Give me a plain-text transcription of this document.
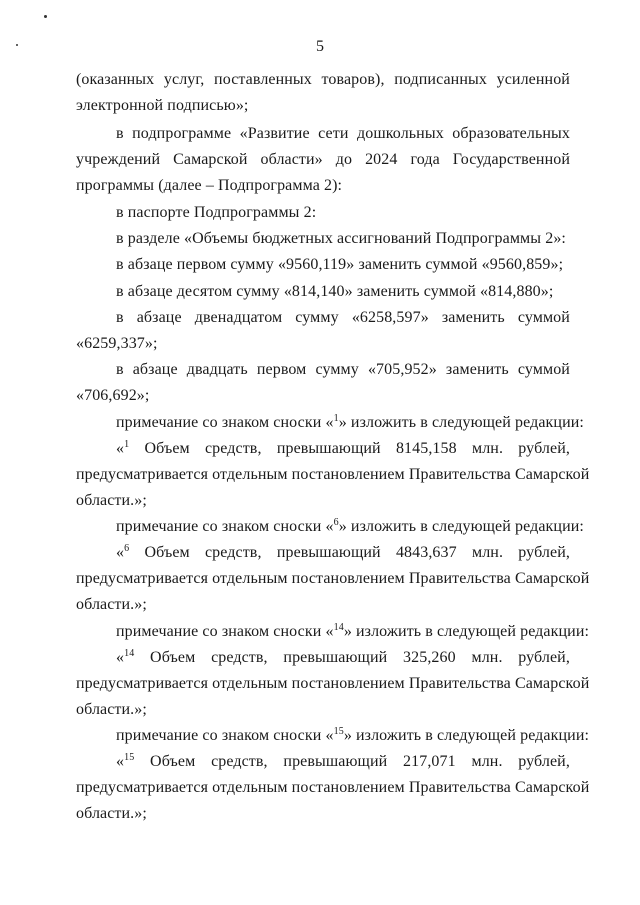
5
(оказанных услуг, поставленных товаров), подписанных усиленной
электронной подписью»;
в подпрограмме «Развитие сети дошкольных образовательных
учреждений Самарской области» до 2024 года Государственной
программы (далее – Подпрограмма 2):
в паспорте Подпрограммы 2:
в разделе «Объемы бюджетных ассигнований Подпрограммы 2»:
в абзаце первом сумму «9560,119» заменить суммой «9560,859»;
в абзаце десятом сумму «814,140» заменить суммой «814,880»;
в абзаце двенадцатом сумму «6258,597» заменить суммой
«6259,337»;
в абзаце двадцать первом сумму «705,952» заменить суммой
«706,692»;
примечание со знаком сноски «$^1$» изложить в следующей редакции:
«$^1$ Объем средств, превышающий 8145,158 млн. рублей,
предусматривается отдельным постановлением Правительства Самарской
области.»;
примечание со знаком сноски «$^6$» изложить в следующей редакции:
«$^6$ Объем средств, превышающий 4843,637 млн. рублей,
предусматривается отдельным постановлением Правительства Самарской
области.»;
примечание со знаком сноски «$^{14}$» изложить в следующей редакции:
«$^{14}$ Объем средств, превышающий 325,260 млн. рублей,
предусматривается отдельным постановлением Правительства Самарской
области.»;
примечание со знаком сноски «$^{15}$» изложить в следующей редакции:
«$^{15}$ Объем средств, превышающий 217,071 млн. рублей,
предусматривается отдельным постановлением Правительства Самарской
области.»;
